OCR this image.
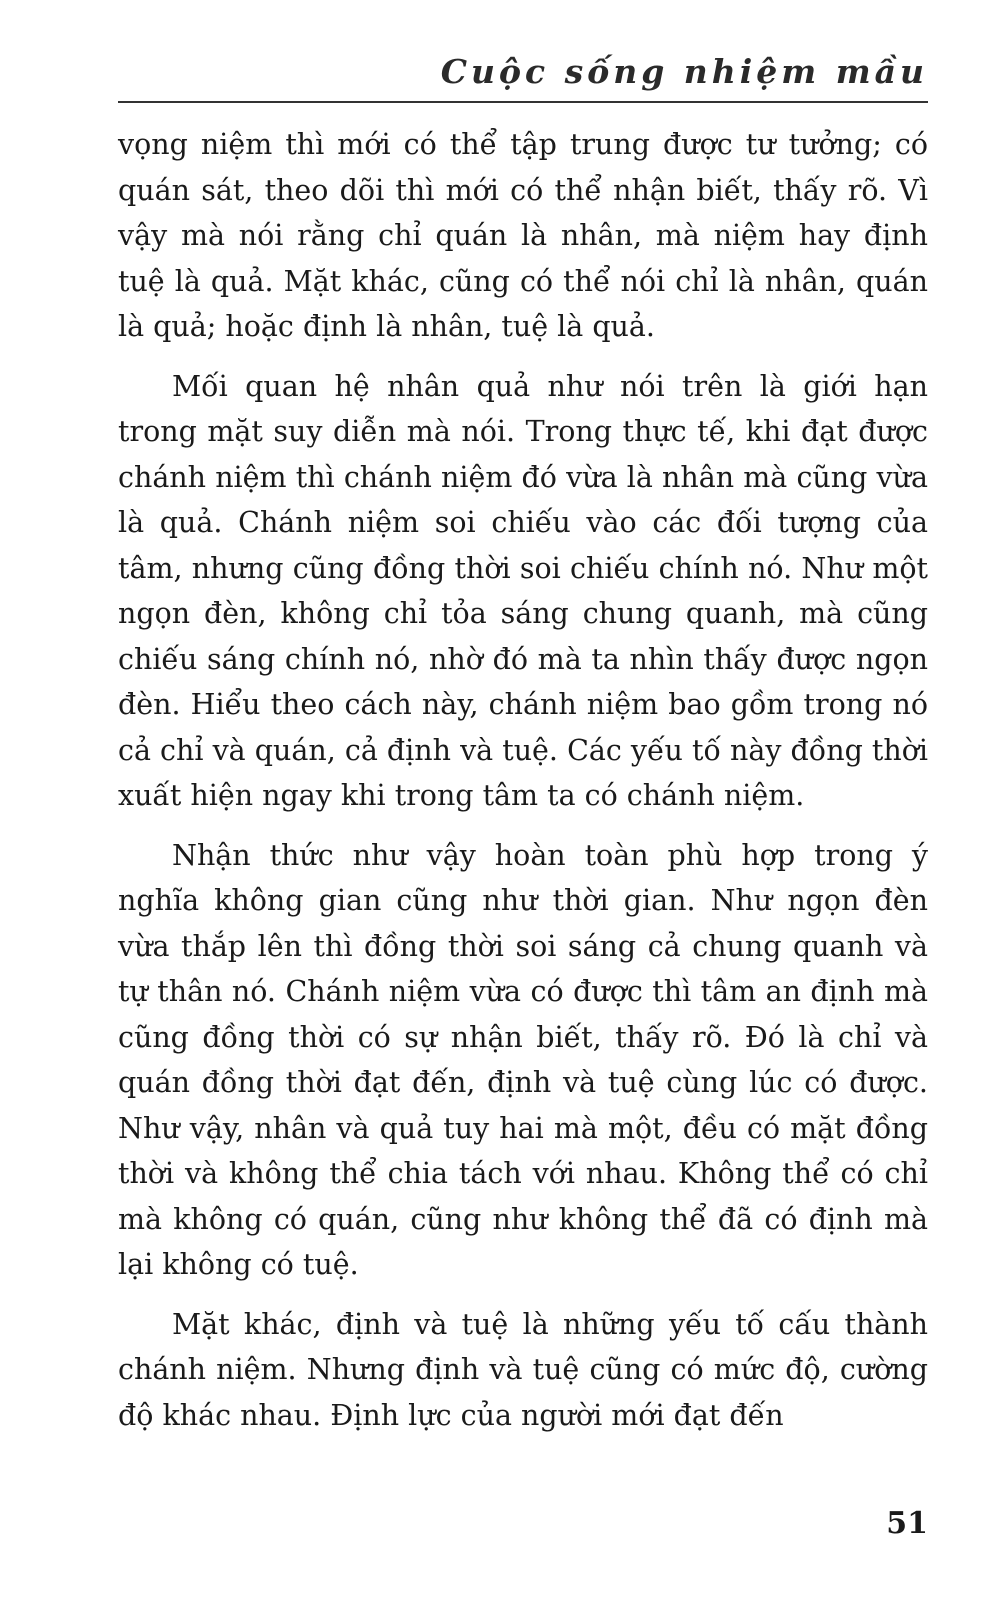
Cuộc sống nhiệm mầu

vọng niệm thì mới có thể tập trung được tư tưởng; có quán sát, theo dõi thì mới có thể nhận biết, thấy rõ. Vì vậy mà nói rằng chỉ quán là nhân, mà niệm hay định tuệ là quả. Mặt khác, cũng có thể nói chỉ là nhân, quán là quả; hoặc định là nhân, tuệ là quả.

Mối quan hệ nhân quả như nói trên là giới hạn trong mặt suy diễn mà nói. Trong thực tế, khi đạt được chánh niệm thì chánh niệm đó vừa là nhân mà cũng vừa là quả. Chánh niệm soi chiếu vào các đối tượng của tâm, nhưng cũng đồng thời soi chiếu chính nó. Như một ngọn đèn, không chỉ tỏa sáng chung quanh, mà cũng chiếu sáng chính nó, nhờ đó mà ta nhìn thấy được ngọn đèn. Hiểu theo cách này, chánh niệm bao gồm trong nó cả chỉ và quán, cả định và tuệ. Các yếu tố này đồng thời xuất hiện ngay khi trong tâm ta có chánh niệm.

Nhận thức như vậy hoàn toàn phù hợp trong ý nghĩa không gian cũng như thời gian. Như ngọn đèn vừa thắp lên thì đồng thời soi sáng cả chung quanh và tự thân nó. Chánh niệm vừa có được thì tâm an định mà cũng đồng thời có sự nhận biết, thấy rõ. Đó là chỉ và quán đồng thời đạt đến, định và tuệ cùng lúc có được. Như vậy, nhân và quả tuy hai mà một, đều có mặt đồng thời và không thể chia tách với nhau. Không thể có chỉ mà không có quán, cũng như không thể đã có định mà lại không có tuệ.

Mặt khác, định và tuệ là những yếu tố cấu thành chánh niệm. Nhưng định và tuệ cũng có mức độ, cường độ khác nhau. Định lực của người mới đạt đến

51
